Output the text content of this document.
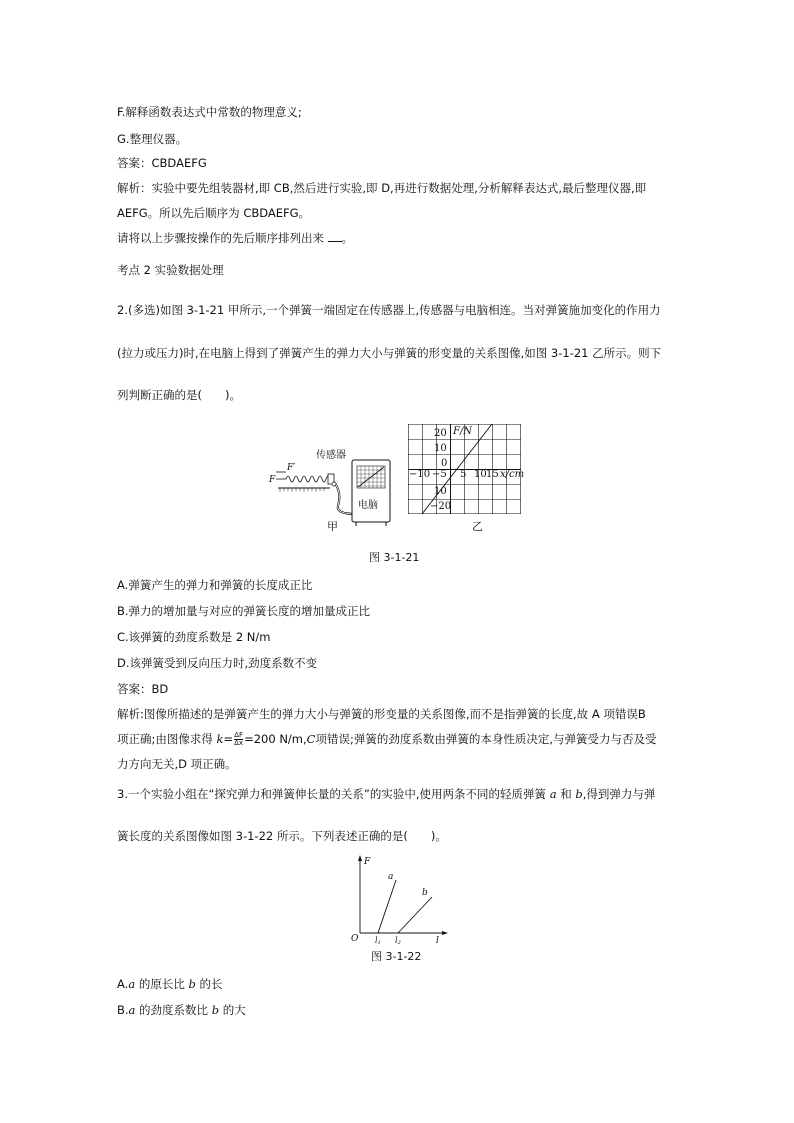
F.解释函数表达式中常数的物理意义;
G.整理仪器。
答案：CBDAEFG
解析：实验中要先组装器材,即 CB,然后进行实验,即 D,再进行数据处理,分析解释表达式,最后整理仪器,即
AEFG。所以先后顺序为 CBDAEFG。
请将以上步骤按操作的先后顺序排列出来 。
考点 2 实验数据处理
2.(多选)如图 3-1-21 甲所示,一个弹簧一端固定在传感器上,传感器与电脑相连。当对弹簧施加变化的作用力
(拉力或压力)时,在电脑上得到了弹簧产生的弹力大小与弹簧的形变量的关系图像,如图 3-1-21 乙所示。则下
列判断正确的是(　　)。
传感器
F′
F
电脑
甲
20 F/N
10
0
−10 −5 5 10 15 x/cm
10
−20
乙
图 3-1-21
A.弹簧产生的弹力和弹簧的长度成正比
B.弹力的增加量与对应的弹簧长度的增加量成正比
C.该弹簧的劲度系数是 2 N/m
D.该弹簧受到反向压力时,劲度系数不变
答案：BD
解析:图像所描述的是弹簧产生的弹力大小与弹簧的形变量的关系图像,而不是指弹簧的长度,故 A 项错误B
项正确;由图像求得 $k= \frac{\Delta F}{\Delta x} =200$ N/m,C项错误;弹簧的劲度系数由弹簧的本身性质决定,与弹簧受力与否及受
力方向无关,D 项正确。
3.一个实验小组在“探究弹力和弹簧伸长量的关系”的实验中,使用两条不同的轻质弹簧 a 和 b,得到弹力与弹
簧长度的关系图像如图 3-1-22 所示。下列表述正确的是(　　)。
F
O	l
a
b
l1 l2
图 3-1-22
A.a 的原长比 b 的长
B.a 的劲度系数比 b 的大
